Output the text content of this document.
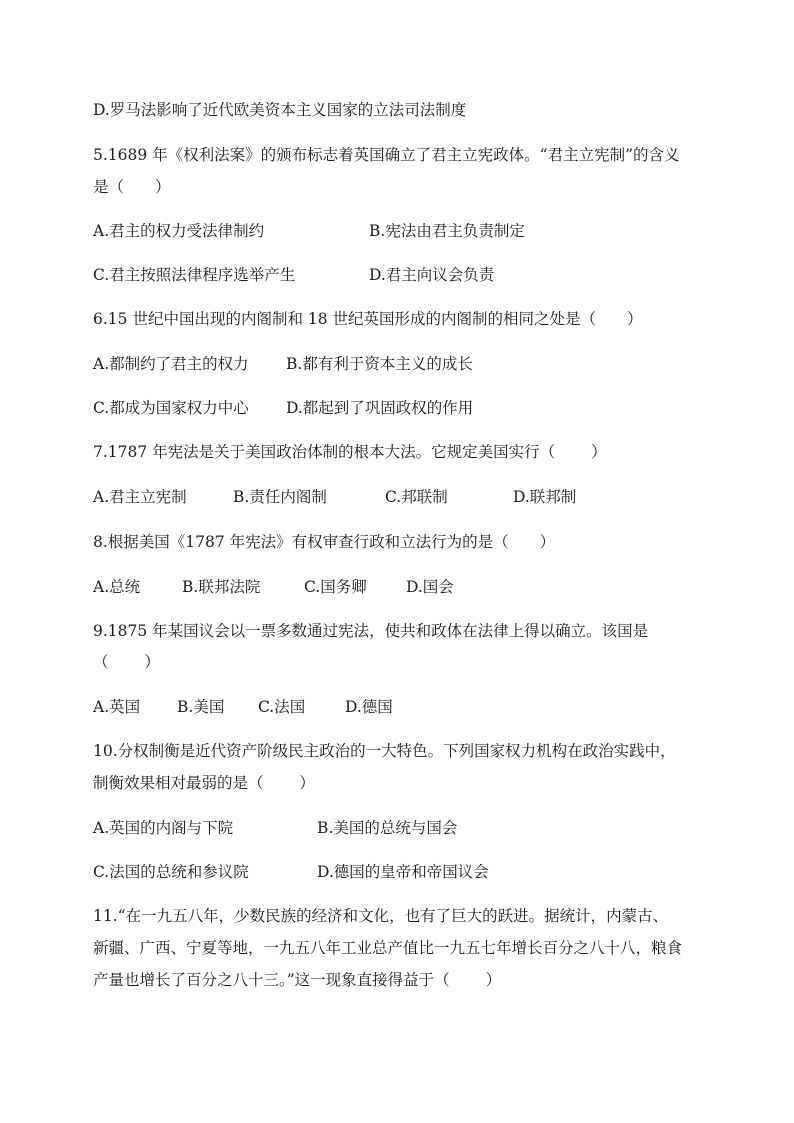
D.罗马法影响了近代欧美资本主义国家的立法司法制度
5.1689 年《权利法案》的颁布标志着英国确立了君主立宪政体。“君主立宪制”的含义
是（　　）
A.君主的权力受法律制约	B.宪法由君主负责制定
C.君主按照法律程序选举产生	D.君主向议会负责
6.15 世纪中国出现的内阁制和 18 世纪英国形成的内阁制的相同之处是（　　）
A.都制约了君主的权力 B.都有利于资本主义的成长
C.都成为国家权力中心 D.都起到了巩固政权的作用
7.1787 年宪法是关于美国政治体制的根本大法。它规定美国实行（　　 ）
A.君主立宪制	B.责任内阁制	C.邦联制	D.联邦制
8.根据美国《1787 年宪法》有权审查行政和立法行为的是（　　）
A.总统	B.联邦法院	C.国务卿	D.国会
9.1875 年某国议会以一票多数通过宪法，使共和政体在法律上得以确立。该国是
（　　 ）
A.英国 B.美国 C.法国	D.德国
10.分权制衡是近代资产阶级民主政治的一大特色。下列国家权力机构在政治实践中，
制衡效果相对最弱的是（　　 ）
A.英国的内阁与下院	B.美国的总统与国会
C.法国的总统和参议院	D.德国的皇帝和帝国议会
11.“在一九五八年，少数民族的经济和文化，也有了巨大的跃进。据统计，内蒙古、
新疆、广西、宁夏等地，一九五八年工业总产值比一九五七年增长百分之八十八，粮食
产量也增长了百分之八十三。”这一现象直接得益于（　　 ）
